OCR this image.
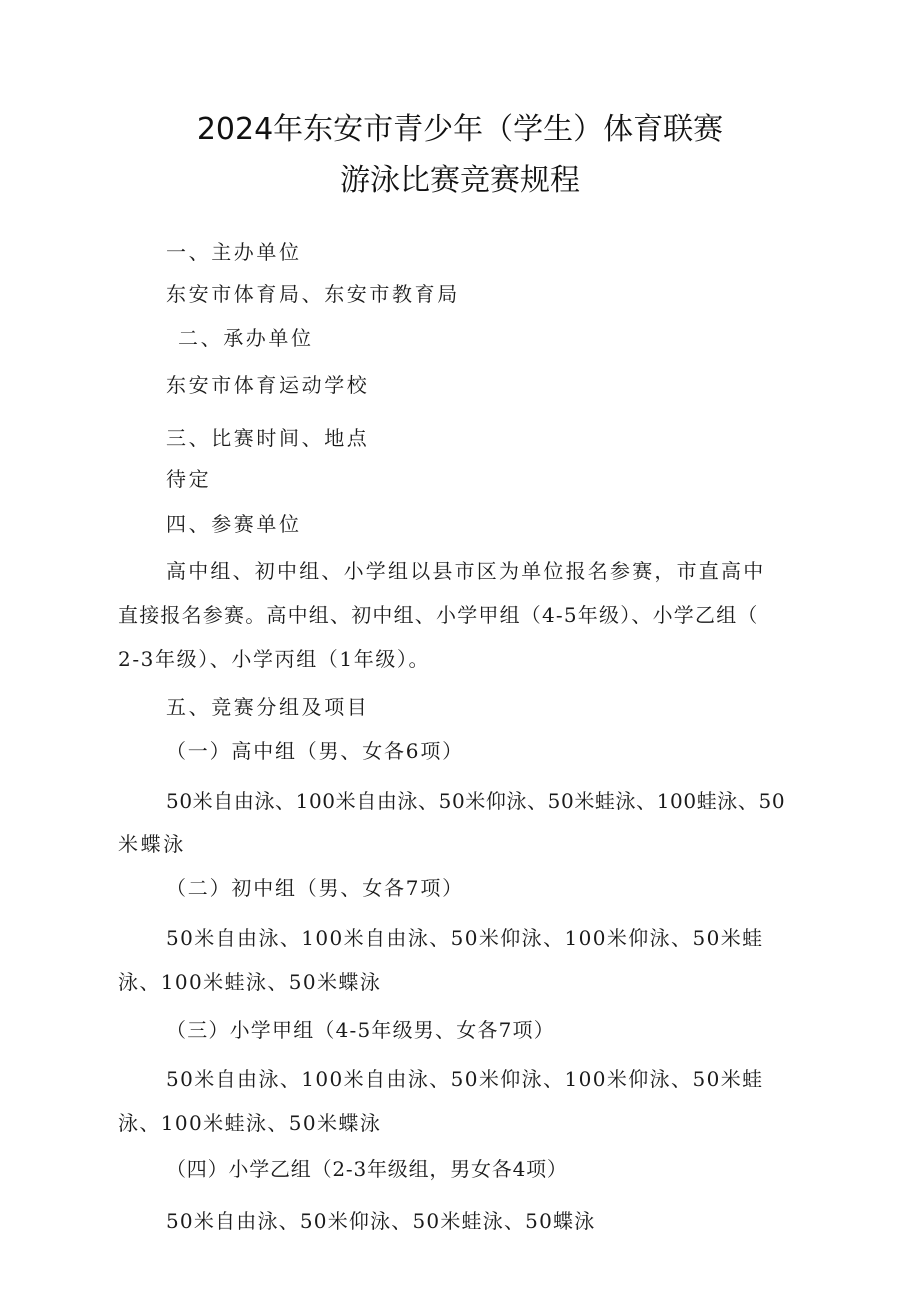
2024年东安市青少年（学生）体育联赛
游泳比赛竞赛规程
一、主办单位
东安市体育局、东安市教育局
二、承办单位
东安市体育运动学校
三、比赛时间、地点
待定
四、参赛单位
高中组、初中组、小学组以县市区为单位报名参赛，市直高中
直接报名参赛。高中组、初中组、小学甲组（4-5年级）、小学乙组（
2-3年级）、小学丙组（1年级）。
五、竞赛分组及项目
（一）高中组（男、女各6项）
50米自由泳、100米自由泳、50米仰泳、50米蛙泳、100蛙泳、50
米蝶泳
（二）初中组（男、女各7项）
50米自由泳、100米自由泳、50米仰泳、100米仰泳、50米蛙
泳、100米蛙泳、50米蝶泳
（三）小学甲组（4-5年级男、女各7项）
50米自由泳、100米自由泳、50米仰泳、100米仰泳、50米蛙
泳、100米蛙泳、50米蝶泳
（四）小学乙组（2-3年级组，男女各4项）
50米自由泳、50米仰泳、50米蛙泳、50蝶泳
